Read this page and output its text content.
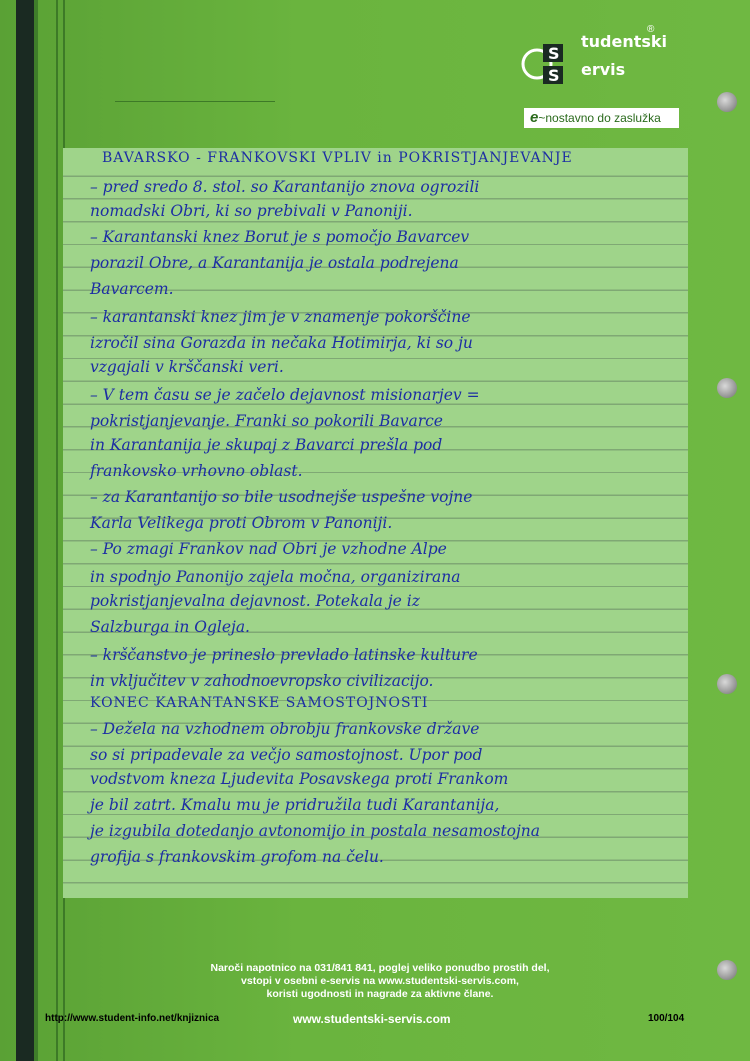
S
S
tudentski
ervis
®
e~nostavno do zaslužka
BAVARSKO - FRANKOVSKI VPLIV in POKRISTJANJEVANJE
– pred sredo 8. stol. so Karantanijo znova ogrozili
nomadski Obri, ki so prebivali v Panoniji.
– Karantanski knez Borut je s pomočjo Bavarcev
porazil Obre, a Karantanija je ostala podrejena
Bavarcem.
– karantanski knez jim je v znamenje pokorščine
izročil sina Gorazda in nečaka Hotimirja, ki so ju
vzgajali v krščanski veri.
– V tem času se je začelo dejavnost misionarjev =
pokristjanjevanje. Franki so pokorili Bavarce
in Karantanija je skupaj z Bavarci prešla pod
frankovsko vrhovno oblast.
– za Karantanijo so bile usodnejše uspešne vojne
Karla Velikega proti Obrom v Panoniji.
– Po zmagi Frankov nad Obri je vzhodne Alpe
in spodnjo Panonijo zajela močna, organizirana
pokristjanjevalna dejavnost. Potekala je iz
Salzburga in Ogleja.
– krščanstvo je prineslo prevlado latinske kulture
in vključitev v zahodnoevropsko civilizacijo.
KONEC KARANTANSKE SAMOSTOJNOSTI
– Dežela na vzhodnem obrobju frankovske države
so si pripadevale za večjo samostojnost. Upor pod
vodstvom kneza Ljudevita Posavskega proti Frankom
je bil zatrt. Kmalu mu je pridružila tudi Karantanija,
je izgubila dotedanjo avtonomijo in postala nesamostojna
grofija s frankovskim grofom na čelu.
Naroči napotnico na 031/841 841, poglej veliko ponudbo prostih del,
vstopi v osebni e-servis na www.studentski-servis.com,
koristi ugodnosti in nagrade za aktivne člane.
http://www.student-info.net/knjiznica	www.studentski-servis.com	100/104
